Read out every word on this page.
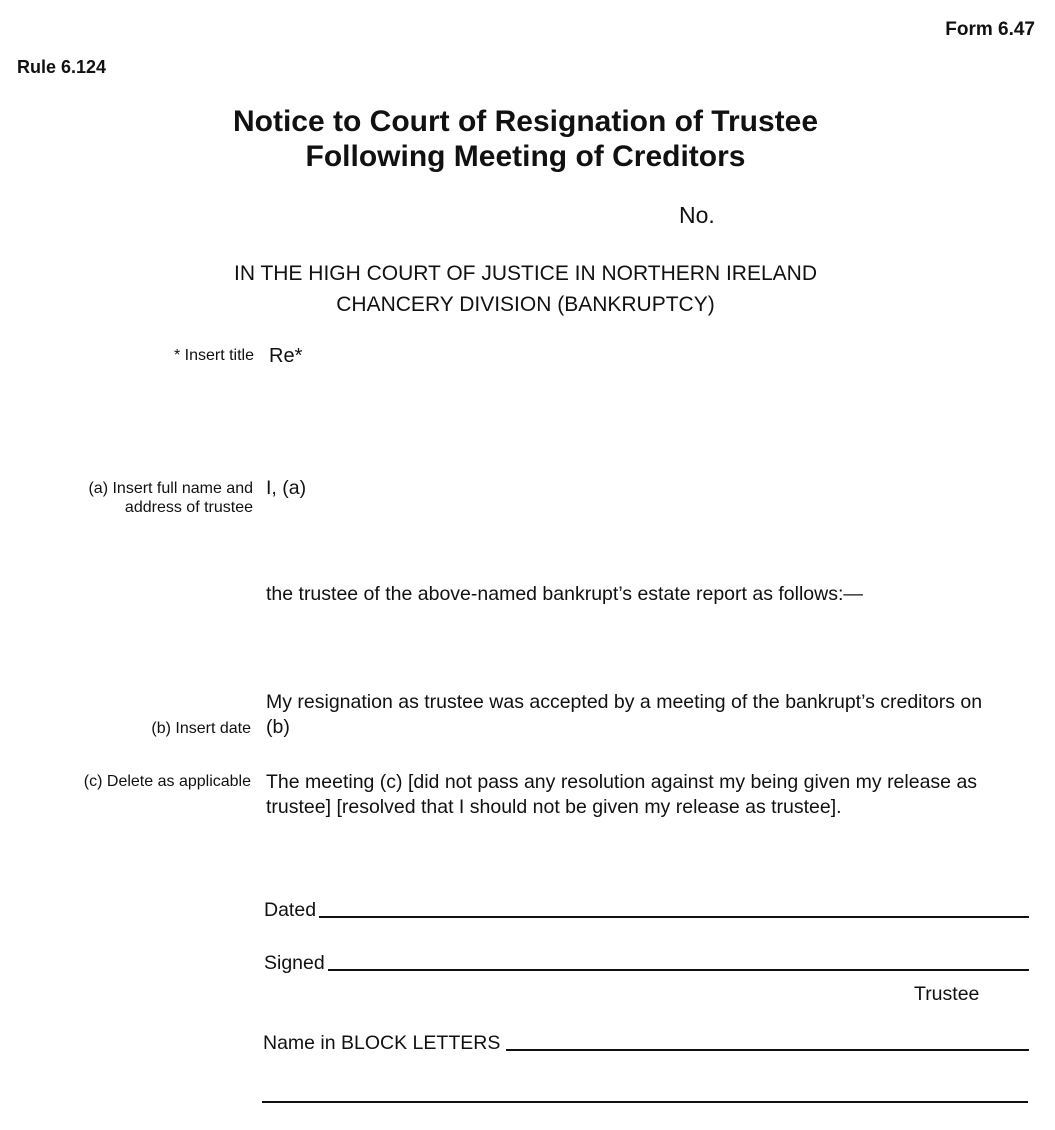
Form 6.47
Rule 6.124
Notice to Court of Resignation of Trustee
Following Meeting of Creditors
No.
IN THE HIGH COURT OF JUSTICE IN NORTHERN IRELAND
CHANCERY DIVISION (BANKRUPTCY)
* Insert title Re*
(a) Insert full name and
address of trustee
I, (a)
the trustee of the above-named bankrupt’s estate report as follows:—
My resignation as trustee was accepted by a meeting of the bankrupt’s creditors on
(b) Insert date (b)
(c) Delete as applicable The meeting (c) [did not pass any resolution against my being given my release as trustee] [resolved that I should not be given my release as trustee].
Dated
Signed
Trustee
Name in BLOCK LETTERS
